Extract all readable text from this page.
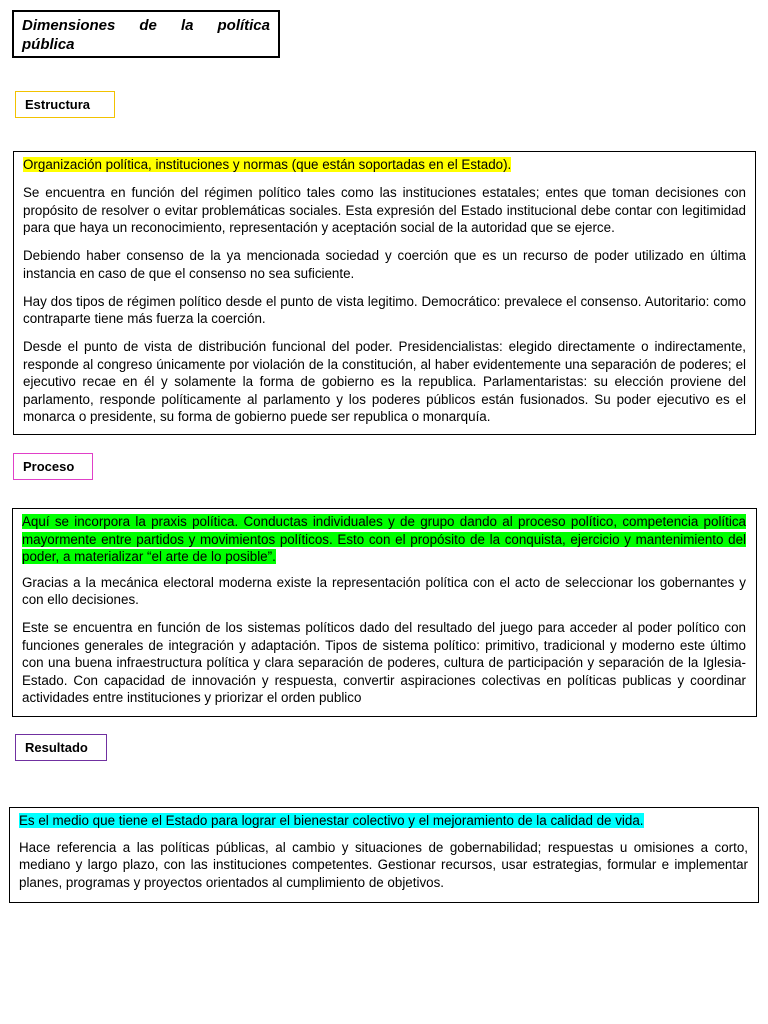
Dimensiones de la política
pública
Estructura

Organización política, instituciones y normas (que están soportadas en el Estado).

Se encuentra en función del régimen político tales como las instituciones estatales; entes que toman decisiones con propósito de resolver o evitar problemáticas sociales. Esta expresión del Estado institucional debe contar con legitimidad para que haya un reconocimiento, representación y aceptación social de la autoridad que se ejerce.

Debiendo haber consenso de la ya mencionada sociedad y coerción que es un recurso de poder utilizado en última instancia en caso de que el consenso no sea suficiente.

Hay dos tipos de régimen político desde el punto de vista legitimo. Democrático: prevalece el consenso. Autoritario: como contraparte tiene más fuerza la coerción.

Desde el punto de vista de distribución funcional del poder. Presidencialistas: elegido directamente o indirectamente, responde al congreso únicamente por violación de la constitución, al haber evidentemente una separación de poderes; el ejecutivo recae en él y solamente la forma de gobierno es la republica. Parlamentaristas: su elección proviene del parlamento, responde políticamente al parlamento y los poderes públicos están fusionados. Su poder ejecutivo es el monarca o presidente, su forma de gobierno puede ser republica o monarquía.

Proceso

Aquí se incorpora la praxis política. Conductas individuales y de grupo dando al proceso político, competencia política mayormente entre partidos y movimientos políticos. Esto con el propósito de la conquista, ejercicio y mantenimiento del poder, a materializar “el arte de lo posible”.

Gracias a la mecánica electoral moderna existe la representación política con el acto de seleccionar los gobernantes y con ello decisiones.

Este se encuentra en función de los sistemas políticos dado del resultado del juego para acceder al poder político con funciones generales de integración y adaptación. Tipos de sistema político: primitivo, tradicional y moderno este último con una buena infraestructura política y clara separación de poderes, cultura de participación y separación de la Iglesia-Estado. Con capacidad de innovación y respuesta, convertir aspiraciones colectivas en políticas publicas y coordinar actividades entre instituciones y priorizar el orden publico

Resultado

Es el medio que tiene el Estado para lograr el bienestar colectivo y el mejoramiento de la calidad de vida.

Hace referencia a las políticas públicas, al cambio y situaciones de gobernabilidad; respuestas u omisiones a corto, mediano y largo plazo, con las instituciones competentes. Gestionar recursos, usar estrategias, formular e implementar planes, programas y proyectos orientados al cumplimiento de objetivos.
